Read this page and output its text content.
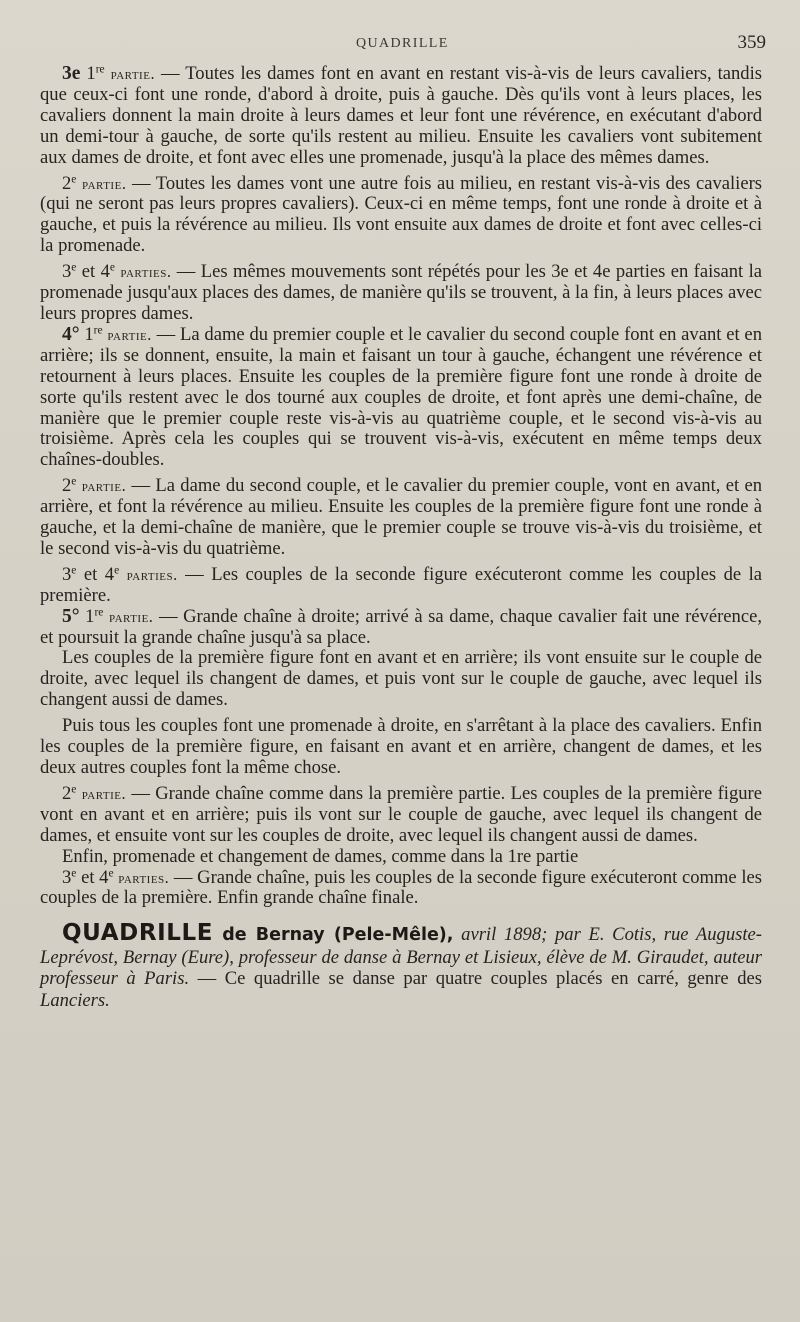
QUADRILLE	359

3e 1re partie. — Toutes les dames font en avant en restant vis-à-vis de leurs cavaliers, tandis que ceux-ci font une ronde, d'abord à droite, puis à gauche. Dès qu'ils vont à leurs places, les cavaliers donnent la main droite à leurs dames et leur font une révérence, en exécutant d'abord un demi-tour à gauche, de sorte qu'ils restent au milieu. Ensuite les cavaliers vont subitement aux dames de droite, et font avec elles une promenade, jusqu'à la place des mêmes dames.

2e partie. — Toutes les dames vont une autre fois au milieu, en restant vis-à-vis des cavaliers (qui ne seront pas leurs propres cavaliers). Ceux-ci en même temps, font une ronde à droite et à gauche, et puis la révérence au milieu. Ils vont ensuite aux dames de droite et font avec celles-ci la promenade.

3e et 4e parties. — Les mêmes mouvements sont répétés pour les 3e et 4e parties en faisant la promenade jusqu'aux places des dames, de manière qu'ils se trouvent, à la fin, à leurs places avec leurs propres dames.

4° 1re partie. — La dame du premier couple et le cavalier du second couple font en avant et en arrière; ils se donnent, ensuite, la main et faisant un tour à gauche, échangent une révérence et retournent à leurs places. Ensuite les couples de la première figure font une ronde à droite de sorte qu'ils restent avec le dos tourné aux couples de droite, et font après une demi-chaîne, de manière que le premier couple reste vis-à-vis au quatrième couple, et le second vis-à-vis au troisième. Après cela les couples qui se trouvent vis-à-vis, exécutent en même temps deux chaînes-doubles.

2e partie. — La dame du second couple, et le cavalier du premier couple, vont en avant, et en arrière, et font la révérence au milieu. Ensuite les couples de la première figure font une ronde à gauche, et la demi-chaîne de manière, que le premier couple se trouve vis-à-vis du troisième, et le second vis-à-vis du quatrième.

3e et 4e parties. — Les couples de la seconde figure exécuteront comme les couples de la première.

5° 1re partie. — Grande chaîne à droite; arrivé à sa dame, chaque cavalier fait une révérence, et poursuit la grande chaîne jusqu'à sa place.

Les couples de la première figure font en avant et en arrière; ils vont ensuite sur le couple de droite, avec lequel ils changent de dames, et puis vont sur le couple de gauche, avec lequel ils changent aussi de dames.

Puis tous les couples font une promenade à droite, en s'arrêtant à la place des cavaliers. Enfin les couples de la première figure, en faisant en avant et en arrière, changent de dames, et les deux autres couples font la même chose.

2e partie. — Grande chaîne comme dans la première partie. Les couples de la première figure vont en avant et en arrière; puis ils vont sur le couple de gauche, avec lequel ils changent de dames, et ensuite vont sur les couples de droite, avec lequel ils changent aussi de dames.

Enfin, promenade et changement de dames, comme dans la 1re partie

3e et 4e parties. — Grande chaîne, puis les couples de la seconde figure exécuteront comme les couples de la première. Enfin grande chaîne finale.

QUADRILLE de Bernay (Pele-Mêle), avril 1898; par E. Cotis, rue Auguste-Leprévost, Bernay (Eure), professeur de danse à Bernay et Lisieux, élève de M. Giraudet, auteur professeur à Paris. — Ce quadrille se danse par quatre couples placés en carré, genre des Lanciers.
